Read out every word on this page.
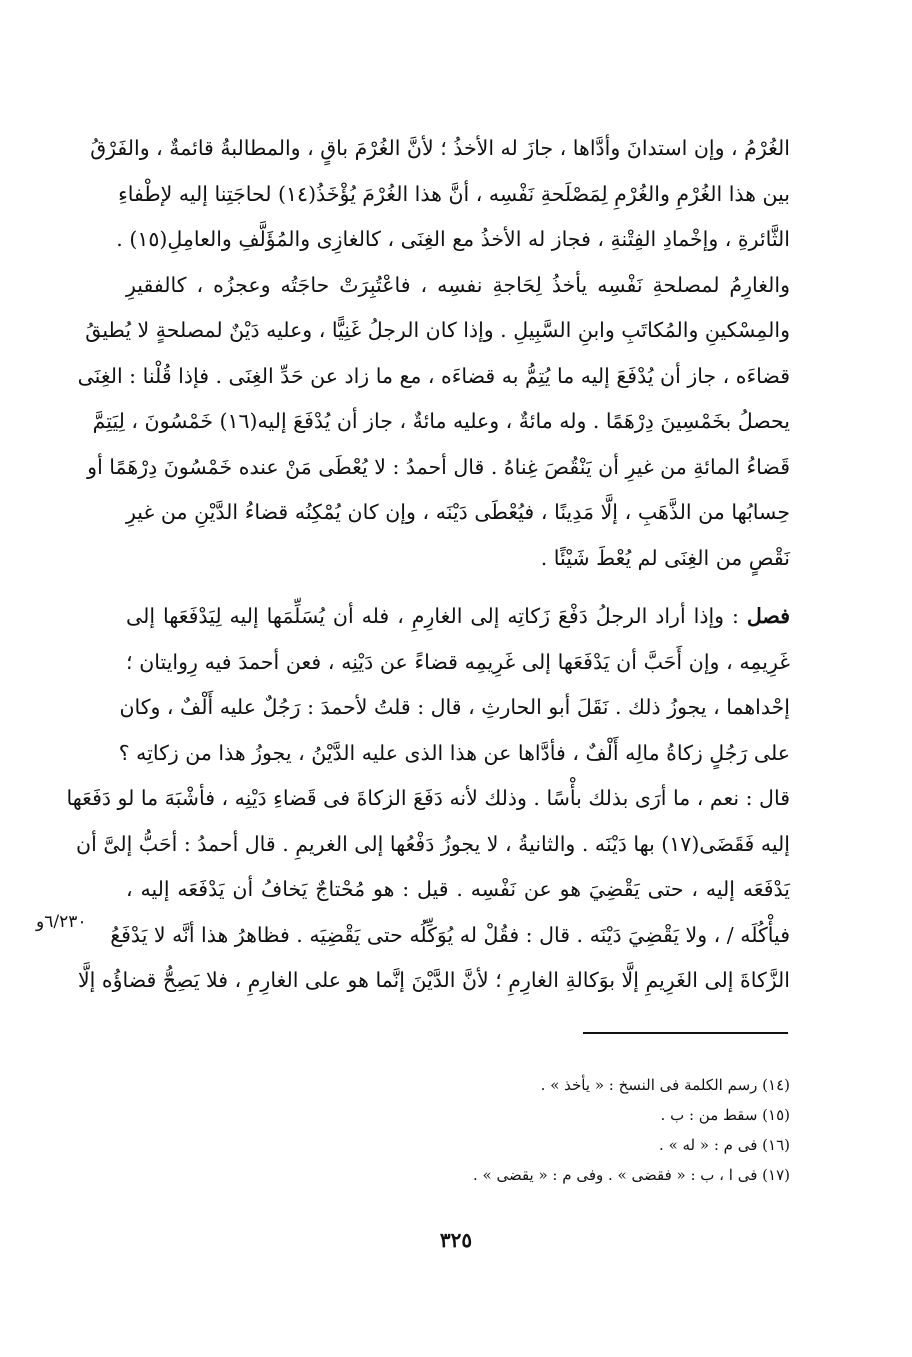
الغُرْمُ ، وإن استدانَ وأدَّاها ، جازَ له الأخذُ ؛ لأنَّ الغُرْمَ باقٍ ، والمطالبةُ قائمةٌ ، والفَرْقُ
بين هذا الغُرْمِ والغُرْمِ لِمَصْلَحةِ نَفْسِه ، أنَّ هذا الغُرْمَ يُؤْخَذُ(١٤) لحاجَتِنا إليه لإطْفاءِ
الثَّائرةِ ، وإخْمادِ الفِتْنةِ ، فجاز له الأخذُ مع الغِنَى ، كالغازِى والمُؤَلَّفِ والعامِلِ(١٥) .
والغارِمُ لمصلحةِ نَفْسِه يأخذُ لِحَاجةِ نفسِه ، فاعْتُبِرَتْ حاجَتُه وعجزُه ، كالفقيرِ
والمِسْكينِ والمُكاتَبِ وابنِ السَّبِيلِ . وإذا كان الرجلُ غَنِيًّا ، وعليه دَيْنٌ لمصلحةٍ لا يُطيقُ
قضاءَه ، جاز أن يُدْفَعَ إليه ما يُتِمُّ به قضاءَه ، مع ما زاد عن حَدِّ الغِنَى . فإذا قُلْنا : الغِنَى
يحصلُ بخَمْسِينَ دِرْهَمًا . وله مائةٌ ، وعليه مائةٌ ، جاز أن يُدْفَعَ إليه(١٦) خَمْسُونَ ، لِيَتِمَّ
قَضاءُ المائةِ من غيرِ أن يَنْقُصَ غِناهُ . قال أحمدُ : لا يُعْطَى مَنْ عنده خَمْسُونَ دِرْهَمًا أو
حِسابُها من الذَّهَبِ ، إلَّا مَدِينًا ، فيُعْطَى دَيْنَه ، وإن كان يُمْكِنُه قضاءُ الدَّيْنِ من غيرِ
نَقْصٍ من الغِنَى لم يُعْطَ شَيْئًا .
فصل : وإذا أراد الرجلُ دَفْعَ زَكاتِه إلى الغارِمِ ، فله أن يُسَلِّمَها إليه لِيَدْفَعَها إلى
غَرِيمِه ، وإن أَحَبَّ أن يَدْفَعَها إلى غَرِيمِه قضاءً عن دَيْنِه ، فعن أحمدَ فيه رِوايتان ؛
إحْداهما ، يجوزُ ذلك . نَقَلَ أبو الحارثِ ، قال : قلتُ لأحمدَ : رَجُلٌ عليه أَلْفٌ ، وكان
على رَجُلٍ زكاةُ مالِه أَلْفٌ ، فأدَّاها عن هذا الذى عليه الدَّيْنُ ، يجوزُ هذا من زكاتِه ؟
قال : نعم ، ما أرَى بذلك بأْسًا . وذلك لأنه دَفَعَ الزكاةَ فى قَضاءِ دَيْنِه ، فأشْبَهَ ما لو دَفَعَها
إليه فَقَضَى(١٧) بها دَيْنَه . والثانيةُ ، لا يجوزُ دَفْعُها إلى الغريمِ . قال أحمدُ : أحَبُّ إلىَّ أن
يَدْفَعَه إليه ، حتى يَقْضِيَ هو عن نَفْسِه . قيل : هو مُحْتاجٌ يَخافُ أن يَدْفَعَه إليه ،
فيأْكُلَه / ، ولا يَقْضِيَ دَيْنَه . قال : فقُلْ له يُوَكِّلُه حتى يَقْضِيَه . فظاهرُ هذا أنَّه لا يَدْفَعُ
الزَّكاةَ إلى الغَرِيمِ إلَّا بوَكالةِ الغارِمِ ؛ لأنَّ الدَّيْنَ إنَّما هو على الغارِمِ ، فلا يَصِحُّ قضاؤُه إلَّا
٦/٢٣٠و
(١٤) رسم الكلمة فى النسخ : « يأخذ » .
(١٥) سقط من : ب .
(١٦) فى م : « له » .
(١٧) فى ا ، ب : « فقضى » . وفى م : « يقضى » .
٣٢٥
